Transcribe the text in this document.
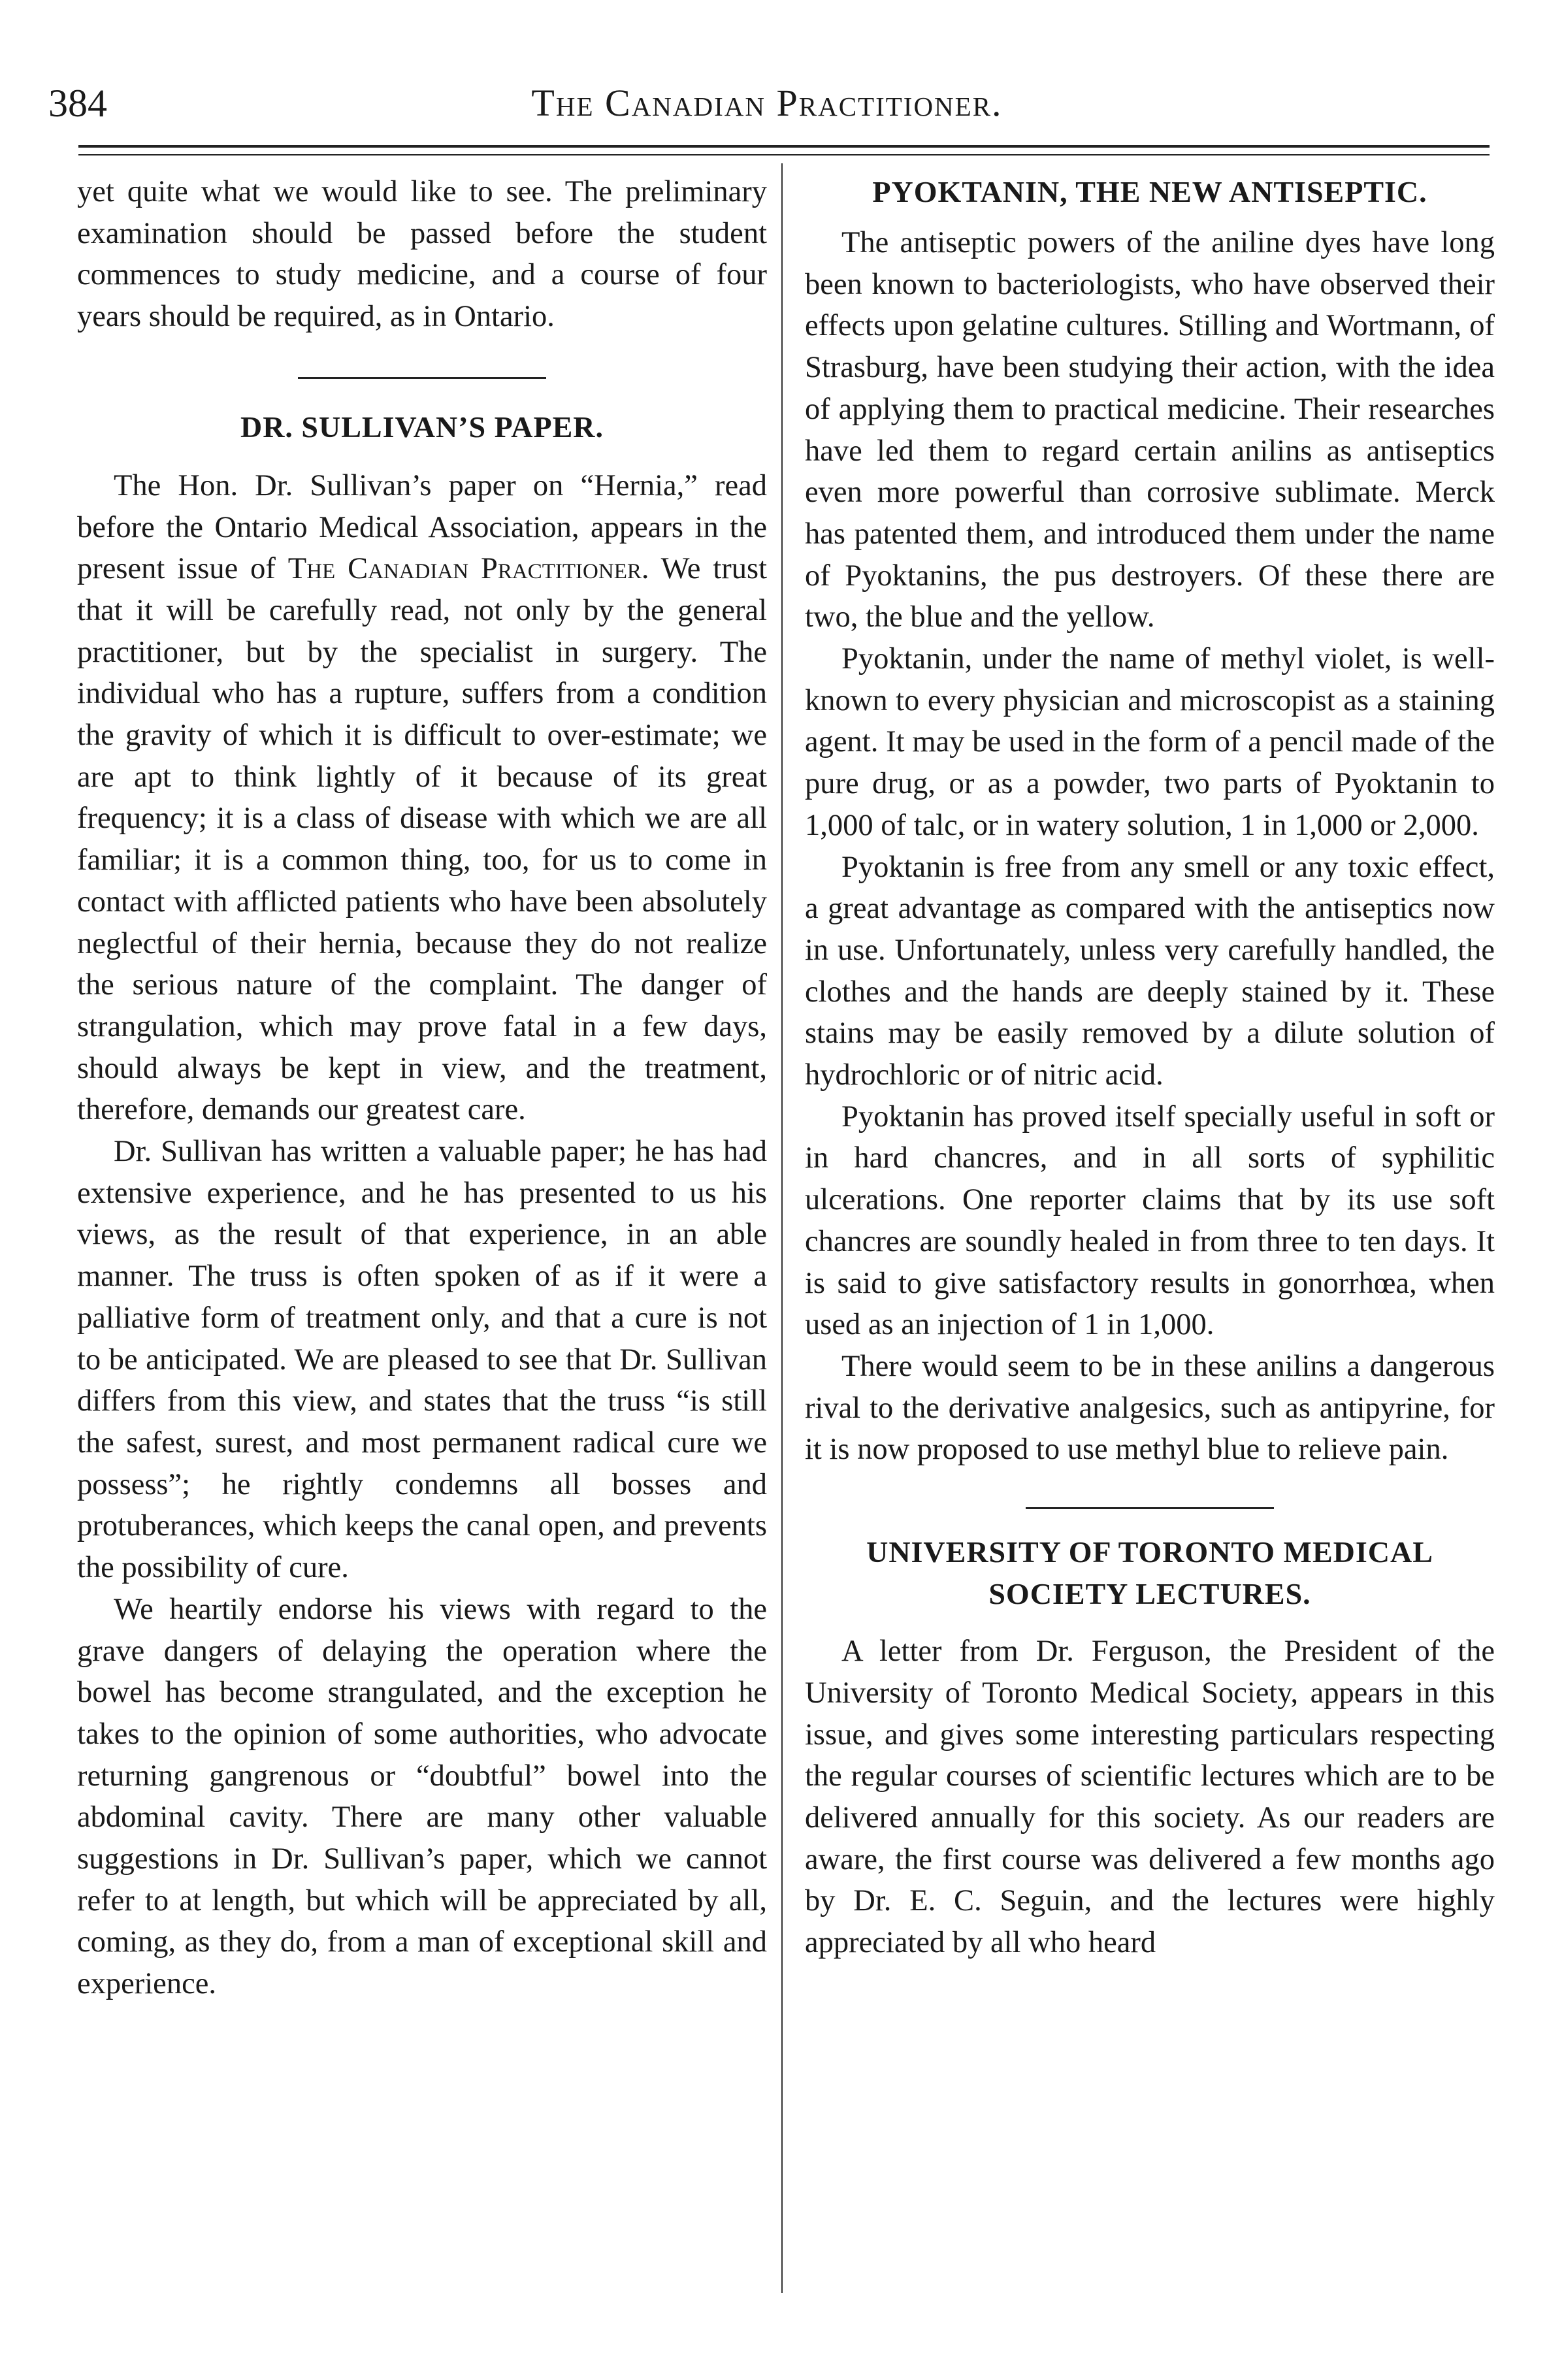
384	The Canadian Practitioner.

yet quite what we would like to see. The preliminary examination should be passed before the student commences to study medicine, and a course of four years should be required, as in Ontario.

DR. SULLIVAN’S PAPER.

The Hon. Dr. Sullivan’s paper on “Hernia,” read before the Ontario Medical Association, appears in the present issue of The Canadian Practitioner. We trust that it will be carefully read, not only by the general practitioner, but by the specialist in surgery. The individual who has a rupture, suffers from a condition the gravity of which it is difficult to over-estimate; we are apt to think lightly of it because of its great frequency; it is a class of disease with which we are all familiar; it is a common thing, too, for us to come in contact with afflicted patients who have been absolutely neglectful of their hernia, because they do not realize the serious nature of the complaint. The danger of strangulation, which may prove fatal in a few days, should always be kept in view, and the treatment, therefore, demands our greatest care.

Dr. Sullivan has written a valuable paper; he has had extensive experience, and he has presented to us his views, as the result of that experience, in an able manner. The truss is often spoken of as if it were a palliative form of treatment only, and that a cure is not to be anticipated. We are pleased to see that Dr. Sullivan differs from this view, and states that the truss “is still the safest, surest, and most permanent radical cure we possess”; he rightly condemns all bosses and protuberances, which keeps the canal open, and prevents the possibility of cure.

We heartily endorse his views with regard to the grave dangers of delaying the operation where the bowel has become strangulated, and the exception he takes to the opinion of some authorities, who advocate returning gangrenous or “doubtful” bowel into the abdominal cavity. There are many other valuable suggestions in Dr. Sullivan’s paper, which we cannot refer to at length, but which will be appreciated by all, coming, as they do, from a man of exceptional skill and experience.

PYOKTANIN, THE NEW ANTISEPTIC.

The antiseptic powers of the aniline dyes have long been known to bacteriologists, who have observed their effects upon gelatine cultures. Stilling and Wortmann, of Strasburg, have been studying their action, with the idea of applying them to practical medicine. Their researches have led them to regard certain anilins as antiseptics even more powerful than corrosive sublimate. Merck has patented them, and introduced them under the name of Pyoktanins, the pus destroyers. Of these there are two, the blue and the yellow.

Pyoktanin, under the name of methyl violet, is well-known to every physician and microscopist as a staining agent. It may be used in the form of a pencil made of the pure drug, or as a powder, two parts of Pyoktanin to 1,000 of talc, or in watery solution, 1 in 1,000 or 2,000.

Pyoktanin is free from any smell or any toxic effect, a great advantage as compared with the antiseptics now in use. Unfortunately, unless very carefully handled, the clothes and the hands are deeply stained by it. These stains may be easily removed by a dilute solution of hydrochloric or of nitric acid.

Pyoktanin has proved itself specially useful in soft or in hard chancres, and in all sorts of syphilitic ulcerations. One reporter claims that by its use soft chancres are soundly healed in from three to ten days. It is said to give satisfactory results in gonorrhœa, when used as an injection of 1 in 1,000.

There would seem to be in these anilins a dangerous rival to the derivative analgesics, such as antipyrine, for it is now proposed to use methyl blue to relieve pain.

UNIVERSITY OF TORONTO MEDICAL
SOCIETY LECTURES.

A letter from Dr. Ferguson, the President of the University of Toronto Medical Society, appears in this issue, and gives some interesting particulars respecting the regular courses of scientific lectures which are to be delivered annually for this society. As our readers are aware, the first course was delivered a few months ago by Dr. E. C. Seguin, and the lectures were highly appreciated by all who heard
